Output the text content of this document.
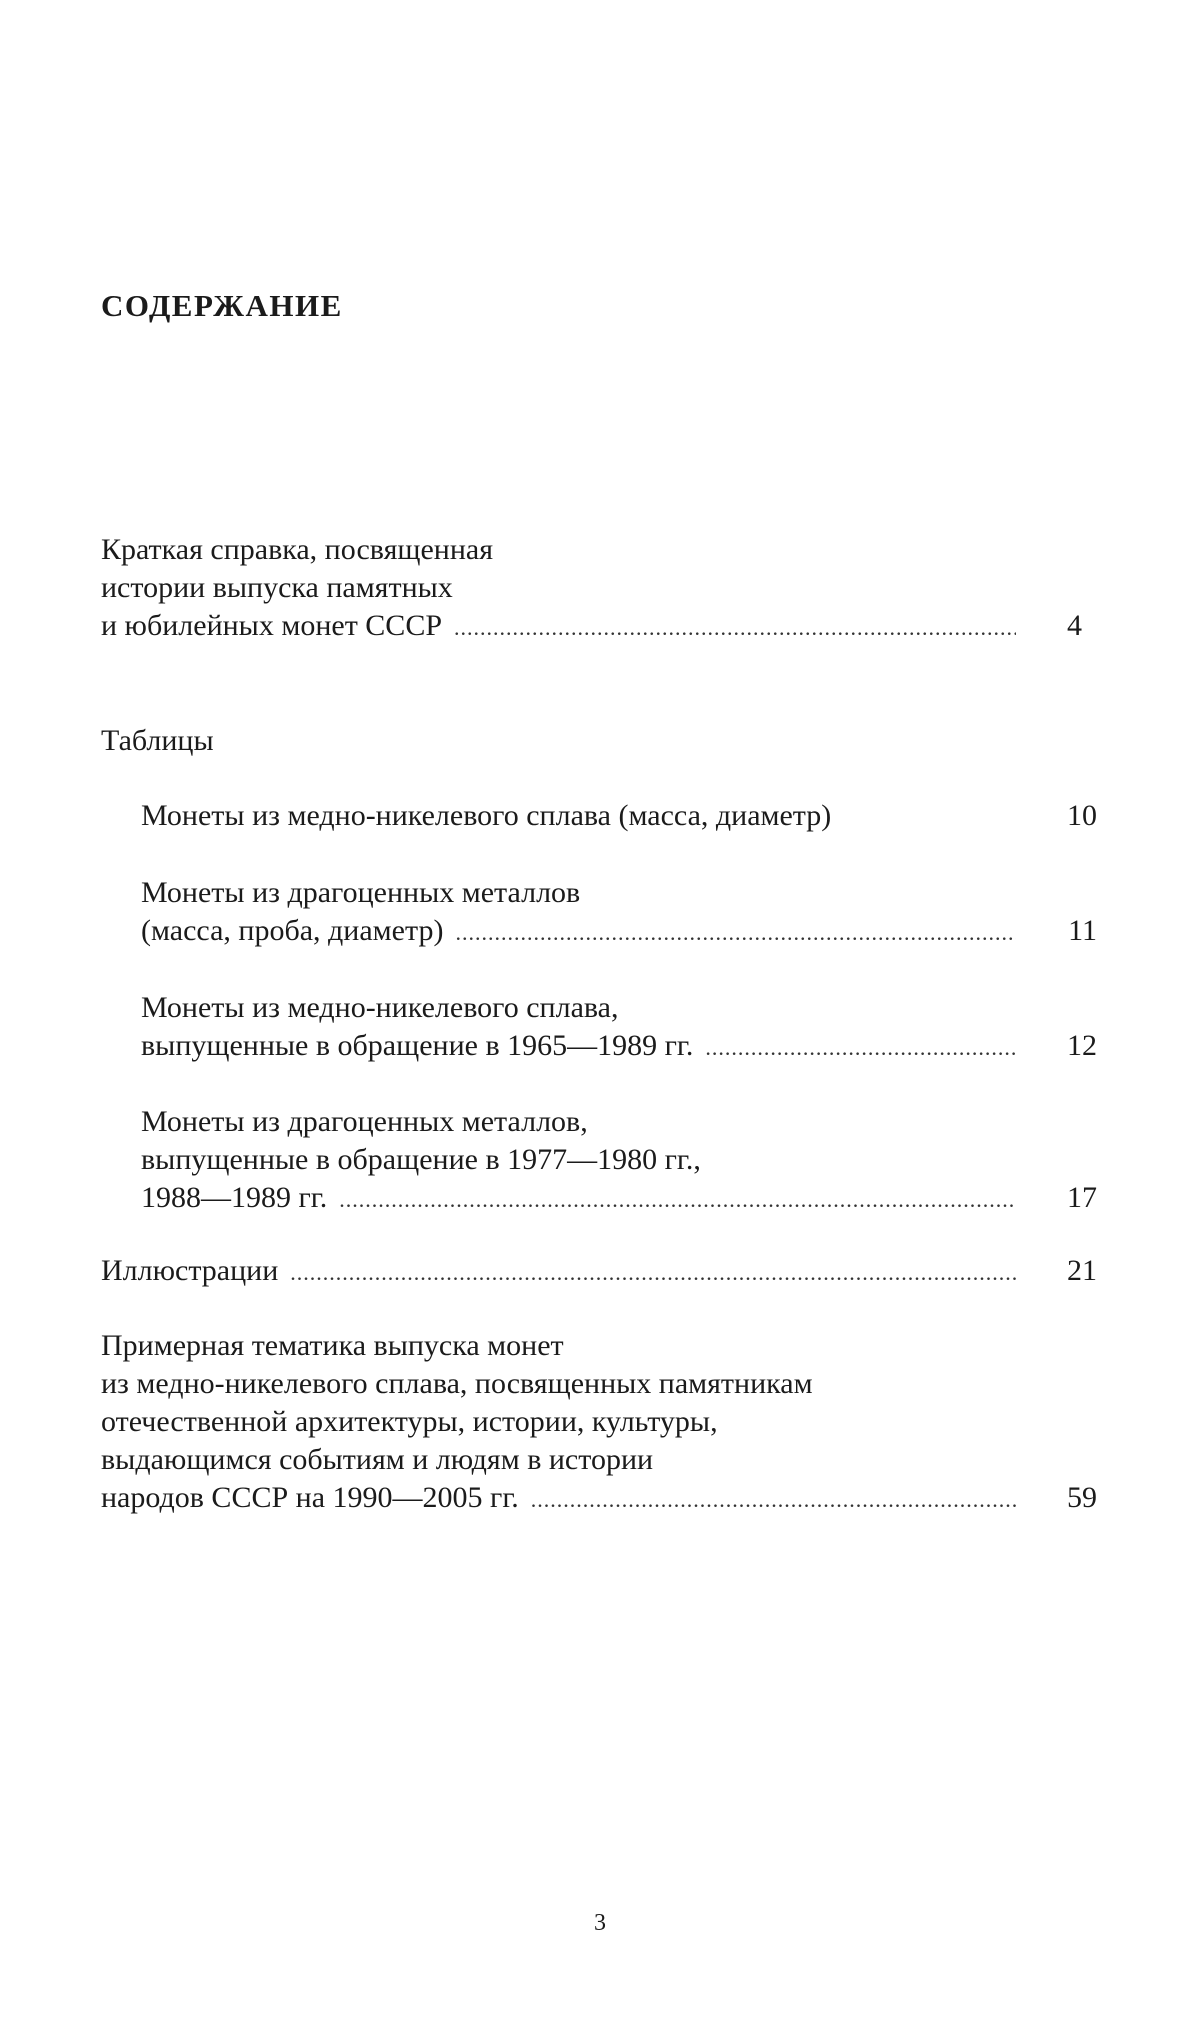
СОДЕРЖАНИЕ
Краткая справка, посвященная
истории выпуска памятных
и юбилейных монет СССР .....	4
Таблицы
Монеты из медно-никелевого сплава (масса, диаметр)	10
Монеты из драгоценных металлов
(масса, проба, диаметр) .....	11
Монеты из медно-никелевого сплава,
выпущенные в обращение в 1965—1989 гг. .....	12
Монеты из драгоценных металлов,
выпущенные в обращение в 1977—1980 гг.,
1988—1989 гг. .....	17
Иллюстрации .....	21
Примерная тематика выпуска монет
из медно-никелевого сплава, посвященных памятникам
отечественной архитектуры, истории, культуры,
выдающимся событиям и людям в истории
народов СССР на 1990—2005 гг. .....	59
3
